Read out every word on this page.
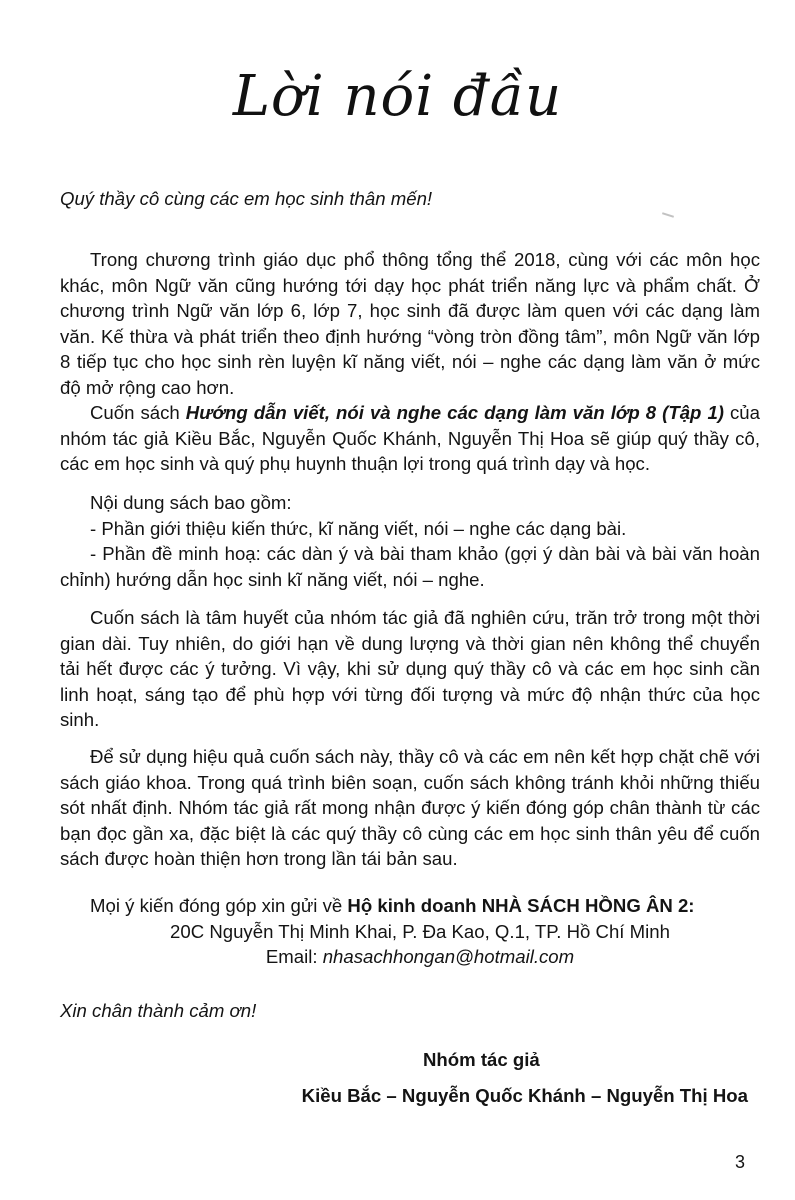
Lời nói đầu
Quý thầy cô cùng các em học sinh thân mến!
Trong chương trình giáo dục phổ thông tổng thể 2018, cùng với các môn học khác, môn Ngữ văn cũng hướng tới dạy học phát triển năng lực và phẩm chất. Ở chương trình Ngữ văn lớp 6, lớp 7, học sinh đã được làm quen với các dạng làm văn. Kế thừa và phát triển theo định hướng “vòng tròn đồng tâm”, môn Ngữ văn lớp 8 tiếp tục cho học sinh rèn luyện kĩ năng viết, nói – nghe các dạng làm văn ở mức độ mở rộng cao hơn.
Cuốn sách Hướng dẫn viết, nói và nghe các dạng làm văn lớp 8 (Tập 1) của nhóm tác giả Kiều Bắc, Nguyễn Quốc Khánh, Nguyễn Thị Hoa sẽ giúp quý thầy cô, các em học sinh và quý phụ huynh thuận lợi trong quá trình dạy và học.
Nội dung sách bao gồm:
- Phần giới thiệu kiến thức, kĩ năng viết, nói – nghe các dạng bài.
- Phần đề minh hoạ: các dàn ý và bài tham khảo (gợi ý dàn bài và bài văn hoàn chỉnh) hướng dẫn học sinh kĩ năng viết, nói – nghe.
Cuốn sách là tâm huyết của nhóm tác giả đã nghiên cứu, trăn trở trong một thời gian dài. Tuy nhiên, do giới hạn về dung lượng và thời gian nên không thể chuyển tải hết được các ý tưởng. Vì vậy, khi sử dụng quý thầy cô và các em học sinh cần linh hoạt, sáng tạo để phù hợp với từng đối tượng và mức độ nhận thức của học sinh.
Để sử dụng hiệu quả cuốn sách này, thầy cô và các em nên kết hợp chặt chẽ với sách giáo khoa. Trong quá trình biên soạn, cuốn sách không tránh khỏi những thiếu sót nhất định. Nhóm tác giả rất mong nhận được ý kiến đóng góp chân thành từ các bạn đọc gần xa, đặc biệt là các quý thầy cô cùng các em học sinh thân yêu để cuốn sách được hoàn thiện hơn trong lần tái bản sau.
Mọi ý kiến đóng góp xin gửi về Hộ kinh doanh NHÀ SÁCH HỒNG ÂN 2:
20C Nguyễn Thị Minh Khai, P. Đa Kao, Q.1, TP. Hồ Chí Minh
Email: nhasachhongan@hotmail.com
Xin chân thành cảm ơn!
Nhóm tác giả
Kiều Bắc – Nguyễn Quốc Khánh – Nguyễn Thị Hoa
3
